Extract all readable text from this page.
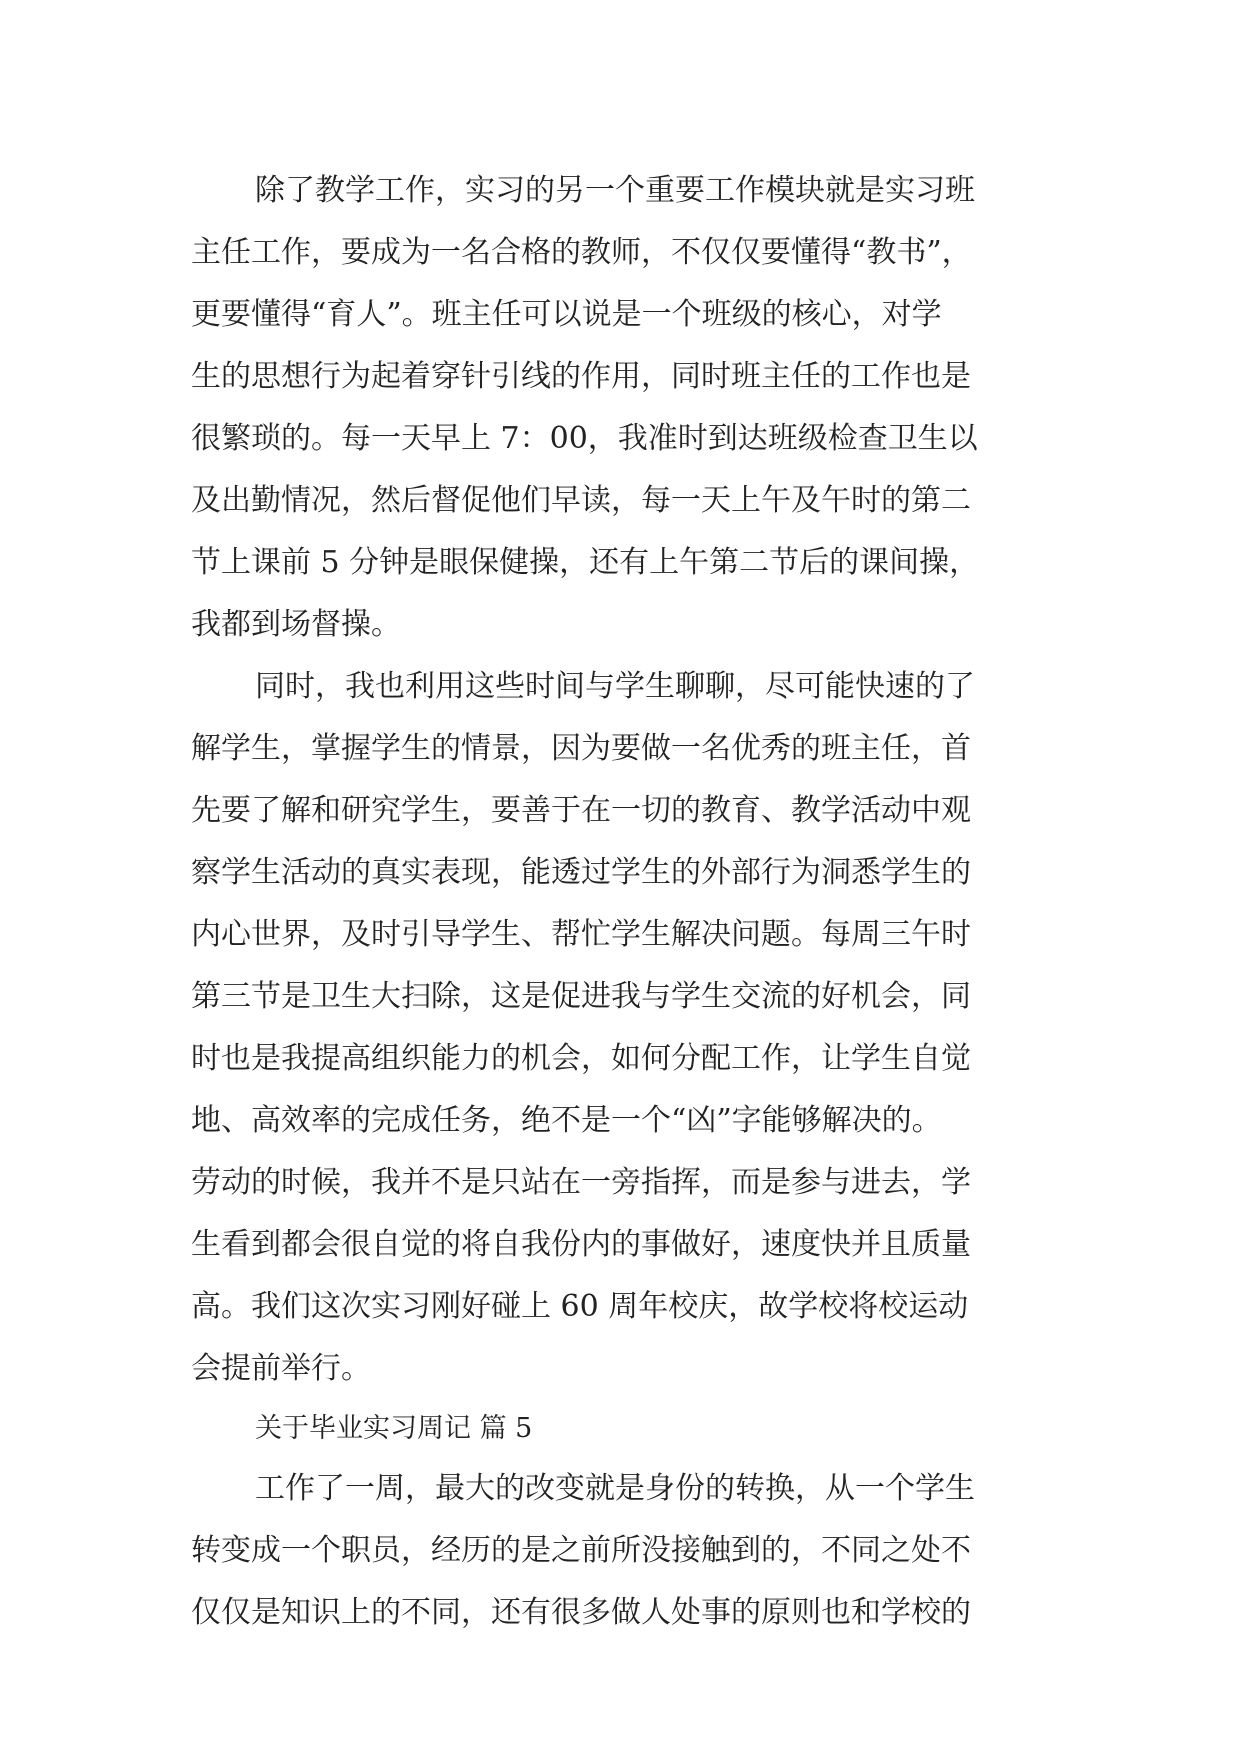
除了教学工作，实习的另一个重要工作模块就是实习班
主任工作，要成为一名合格的教师，不仅仅要懂得“教书”，
更要懂得“育人”。班主任可以说是一个班级的核心，对学
生的思想行为起着穿针引线的作用，同时班主任的工作也是
很繁琐的。每一天早上 7：00，我准时到达班级检查卫生以
及出勤情况，然后督促他们早读，每一天上午及午时的第二
节上课前 5 分钟是眼保健操，还有上午第二节后的课间操，
我都到场督操。
同时，我也利用这些时间与学生聊聊，尽可能快速的了
解学生，掌握学生的情景，因为要做一名优秀的班主任，首
先要了解和研究学生，要善于在一切的教育、教学活动中观
察学生活动的真实表现，能透过学生的外部行为洞悉学生的
内心世界，及时引导学生、帮忙学生解决问题。每周三午时
第三节是卫生大扫除，这是促进我与学生交流的好机会，同
时也是我提高组织能力的机会，如何分配工作，让学生自觉
地、高效率的完成任务，绝不是一个“凶”字能够解决的。
劳动的时候，我并不是只站在一旁指挥，而是参与进去，学
生看到都会很自觉的将自我份内的事做好，速度快并且质量
高。我们这次实习刚好碰上 60 周年校庆，故学校将校运动
会提前举行。
关于毕业实习周记 篇 5
工作了一周，最大的改变就是身份的转换，从一个学生
转变成一个职员，经历的是之前所没接触到的，不同之处不
仅仅是知识上的不同，还有很多做人处事的原则也和学校的
